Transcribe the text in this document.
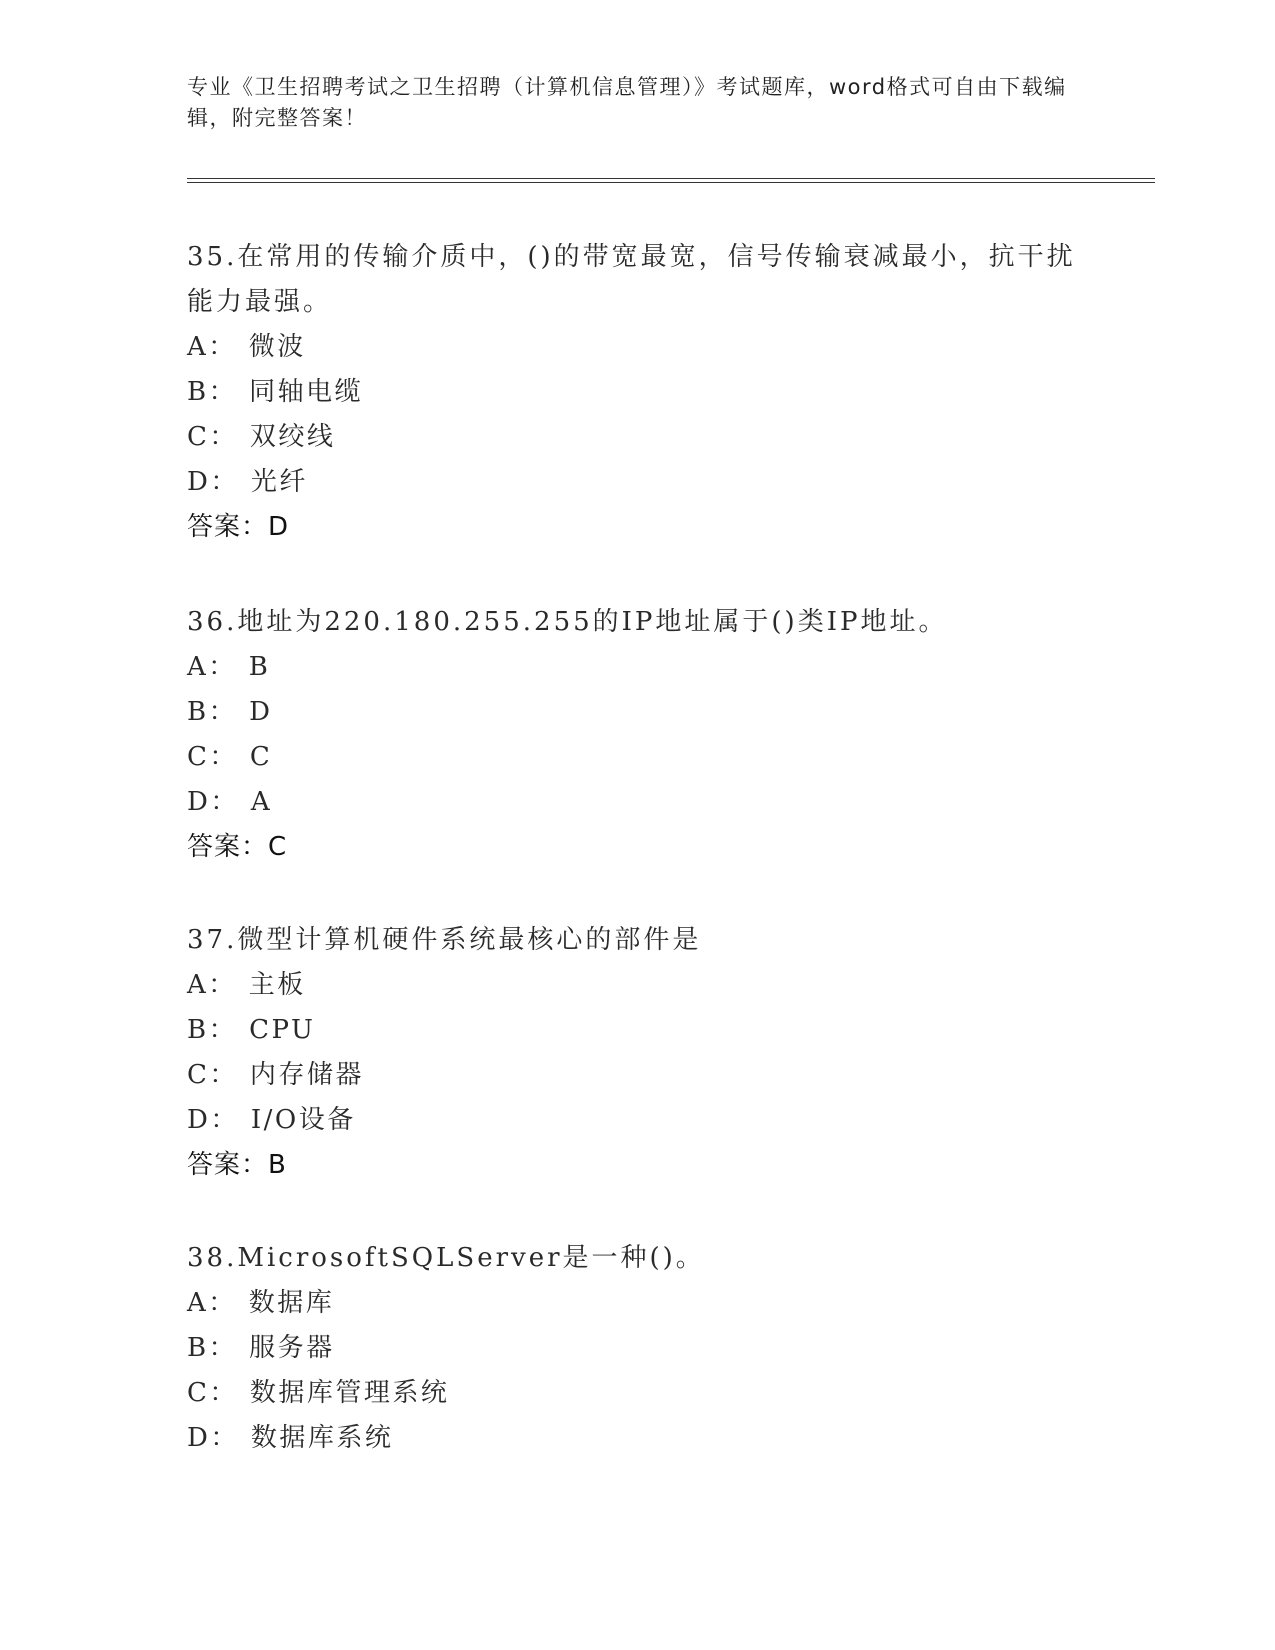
专业《卫生招聘考试之卫生招聘（计算机信息管理）》考试题库，word格式可自由下载编辑，附完整答案！

35.在常用的传输介质中，()的带宽最宽，信号传输衰减最小，抗干扰能力最强。

A： 微波

B： 同轴电缆

C： 双绞线

D： 光纤

答案：D

36.地址为220.180.255.255的IP地址属于()类IP地址。

A： B

B： D

C： C

D： A

答案：C

37.微型计算机硬件系统最核心的部件是

A： 主板

B： CPU

C： 内存储器

D： I/O设备

答案：B

38.MicrosoftSQLServer是一种()。

A： 数据库

B： 服务器

C： 数据库管理系统

D： 数据库系统
